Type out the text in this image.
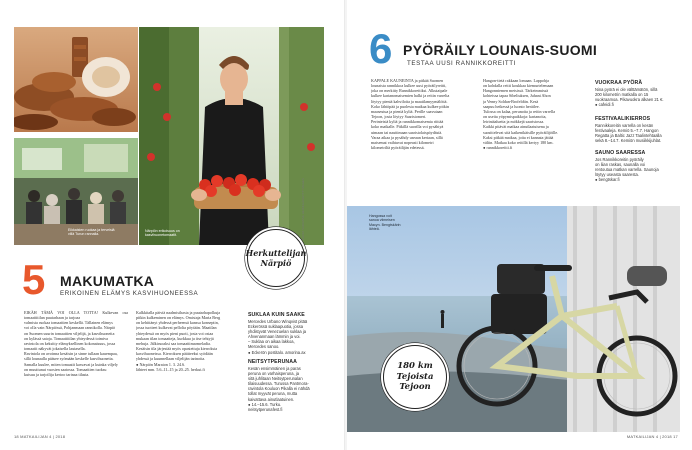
Eikkaisten ruokaa ja terveisiä
villä Turun rannalla.
Närpiön erikoisuus on
kasvihuonetomaatit.	KUVAT SARIANNE HEIKKILÄ/GETTY IMAGES
Herkuttelijan
Närpiö
5 MAKUMATKA
ERIKOINEN ELÄMYS KASVIHUONEESSA
EIKÄH TÄMÄ VOI OLLA TOTTA! Kulkevan osa tomaattitilan puutarhaan ja tarjoaa
valmista ruokaa tomaattien keskellä. Tällainen elämys
voi olla vain Närpiössä, Pohjanmaan rannikolla. Närpiö
on Suomen suurin tomaattien viljelijä, ja kasvihuoneita
on kylässä satoja. Tomaattitilan yhteydessä toimiva
ravintola on keksitty elämyksellinen kokonaisuus, jossa
tomaatit näkyvät jokaisella lautasella.
Ravintola on avoinna kesäisin ja sinne tullaan kauempaa,
sillä lounaalla pääsee syömään keskelle kasvihuonetta.
Samalla kuulee, miten tomaatit kasvavat ja kuinka viljely
on muuttunut vuosien saatossa. Tomaattien tuoksu
kutsuu ja tarjoilija kertoo tarinaa tilasta.
Kalkkitalla päiviä naalmisihasta ja puutarhapolkuja
pitkin kulkeminen on elämys. Omistaja Maria Berg
on kehittänyt yhdessä perheensä kanssa konseptin,
jossa tuotteet kulkevat pellolta pöytään. Maatilan
yhteydessä on myös pieni puoti, josta voi ostaa
mukaan tilan tomaatteja, kurkkua ja itse tehtyjä
mehuja. Jälkiruoaksi saa tomaattimarmeladia.
Kesäisin tila järjestää myös opastettuja kierroksia
kasvihuoneissa. Kierroksen päätteeksi syödään
yhdessä ja kuunnellaan viljelijän tarinoita.
● Närpiön Maraton 1. 3. 24.6.
lähteet mm. 5.6–11–15 ja 20–25. herkut.fi
SUKLAA KUIN SAAKE
Mercedes Urbano Winqvist pitää
Eckerössä suklaapuotia, jossa
yhdistyvät Venezuelan suklaa ja
Ahvenanmaan lämmin ja voi.
– Suklaa on aikaa lakkoa,
Mercedes sanoo.
● Eckerön postitalo. amorina.ax
NEITSYTPERUNAA
Kesän ensimmäinen ja paras
peruna on varhaisperuna, ja
sitä juhlitaan Neitsytperunalan
tilaisuudessa. Turussa Pantmora-
ravintola Kouluon Pikalla ei nähdä
tollat myyvät peruna, mutta
kaivattava ainutlaatuinen.
● 14.–15.6. Turku.
neitsytperunafest.fi
18 MATKAILIJAN 4 | 2018
6 PYÖRÄILY LOUNAIS-SUOMI
TESTAA UUSI RANNIKKOREITTI
KAPPALE KAUNEINTA ja pitkää Suomen
lounaista rannikkoa kulkee uusi pyöräilyreitti,
joka on merkitty Rannikkoreitiksi. Alkutaipale
kulkee kartanomaisemien halki ja reitin varrelta
löytyy pieniä kahviloita ja maatilamyymälöitä.
Koko lähtöpää ja puolesta matkaa kulkee pitkin
maaseutua ja pieniä kyliä. Perille saavutaan
Tejoon, josta löytyy Saaristomeri.
Perinteisiä kyliä ja rannikkomaisemia riittää
koko matkalle. Pitkillä suorilla voi pysähtyä
uimaan tai nauttimaan saaristolaispöydästä.
Varaa aikaa ja pysähdy useaan kertaan, sillä
maisemat vaihtuvat nopeasti kilometri
kilometriltä pyöräilijän edetessä.
Hangon-tietä rakkaan lomaan. Lappohja
on kohdalla reitti koukkaa kiemurtelemaan
Hangonniemen metsissä. Tärkeimmissä
kohteissa tapaa Sibeliuksen, Juhani Ahon
ja Venny Soldan-Brofeldtin. Kesä
saapuu hetkessä ja luonto heräilee.
Tulossa on kalaa, perunoita ja reitin varrella
on useita yöpymispaikkoja: kartanoita,
leirintäalueita ja mökkejä saaristossa.
Kaikki pitävät matkaa ainutlaatuisena ja
suosittelevat sitä kaikenikäisille pyöräilijöille.
Kaksi pitkää matkaa, joita ei kannata jättää
väliin. Matkaa koko reitillä kertyy 180 km.
● rannikkoreitti.fi
VUOKRAA PYÖRÄ
Nina pyörä ei ole välttämätön, sillä
200 kilometrin matkalla on 15
vuokraamoa. Pikavuokra alkaen 21 €.
● cafeidi.fi
FESTIVAALIKIERROS
Rannikkoreitin varrella on kesän
festivaaleja. Kemiö 5.–7.7. Hangon
Regatta ja Baltic Jazz Taalintehtaalla
sekä 8.–14.7. Kemiön musiikkijuhlat.
SAUNO SAARESSA
Jos Rannikkoreitin pyöräily
on liian raskas, saunalla voi
rentoutua matkan varrella. Saunoja
löytyy useasta saaresta.
● bengtskar.fi
Hangossa voit
sanoa viimeisen
Macyn. Bengtskärin
lähteä.
180 km
Tejoista
Tejoon
MATKAILIJAN 4 | 2018 17
